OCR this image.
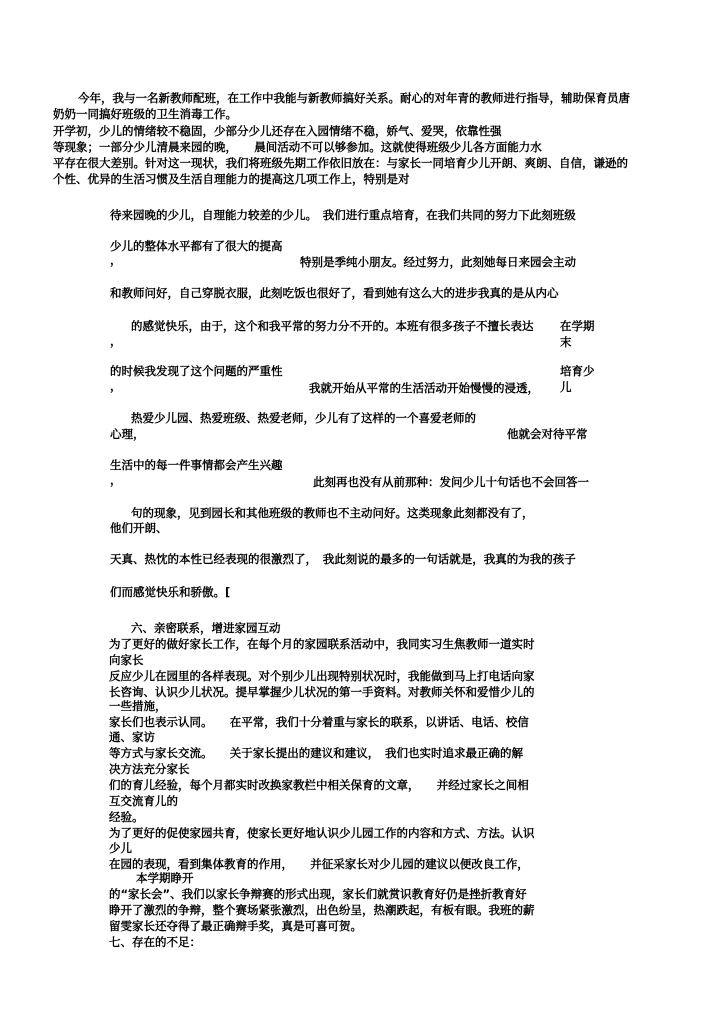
今年，我与一名新教师配班，在工作中我能与新教师搞好关系。耐心的对年青的教师进行指导，辅助保育员唐
奶奶一同搞好班级的卫生消毒工作。
开学初，少儿的情绪较不稳固，少部分少儿还存在入园情绪不稳，娇气、爱哭，依靠性强
等现象；一部分少儿清晨来园的晚，　　晨间活动不可以够参加。这就使得班级少儿各方面能力水
平存在很大差别。针对这一现状，我们将班级先期工作依旧放在：与家长一同培育少儿开朗、爽朗、自信，谦逊的
个性、优异的生活习惯及生活自理能力的提高这几项工作上，特别是对
待来园晚的少儿，自理能力较差的少儿。　我们进行重点培育，在我们共同的努力下此刻班级
少儿的整体水平都有了很大的提高
，	特别是季纯小朋友。经过努力，此刻她每日来园会主动
和教师问好，自己穿脱衣服，此刻吃饭也很好了，看到她有这么大的进步我真的是从内心
的感觉快乐，由于，这个和我平常的努力分不开的。本班有很多孩子不擅长表达
，
在学期
末
的时候我发现了这个问题的严重性
，	我就开始从平常的生活活动开始慢慢的浸透，
培育少
儿
热爱少儿园、热爱班级、热爱老师，少儿有了这样的一个喜爱老师的
心理，	他就会对待平常
生活中的每一件事情都会产生兴趣
，	此刻再也没有从前那种：发问少儿十句话也不会回答一
句的现象，见到园长和其他班级的教师也不主动问好。这类现象此刻都没有了，
他们开朗、
天真、热忱的本性已经表现的很激烈了，　我此刻说的最多的一句话就是，我真的为我的孩子
们而感觉快乐和骄傲。[
六、亲密联系，增进家园互动
为了更好的做好家长工作，在每个月的家园联系活动中，我同实习生焦教师一道实时
向家长
反应少儿在园里的各样表现。对个别少儿出现特别状况时，我能做到马上打电话向家
长咨询、认识少儿状况。提早掌握少儿状况的第一手资料。对教师关怀和爱惜少儿的
一些措施，
家长们也表示认同。　　在平常，我们十分着重与家长的联系，以讲话、电话、校信
通、家访
等方式与家长交流。　　关于家长提出的建议和建议，　我们也实时追求最正确的解
决方法充分家长
们的育儿经验，每个月都实时改换家教栏中相关保育的文章，　　并经过家长之间相
互交流育儿的
经验。
为了更好的促使家园共育，使家长更好地认识少儿园工作的内容和方式、方法。认识
少儿
在园的表现，看到集体教育的作用，　　并征采家长对少儿园的建议以便改良工作，
本学期睁开
的“家长会”、我们以家长争辩赛的形式出现，家长们就赏识教育好仍是挫折教育好
睁开了激烈的争辩，整个赛场紧张激烈，出色纷呈，热潮跌起，有板有眼。我班的薪
留雯家长还夺得了最正确辩手奖，真是可喜可贺。
七、存在的不足：
